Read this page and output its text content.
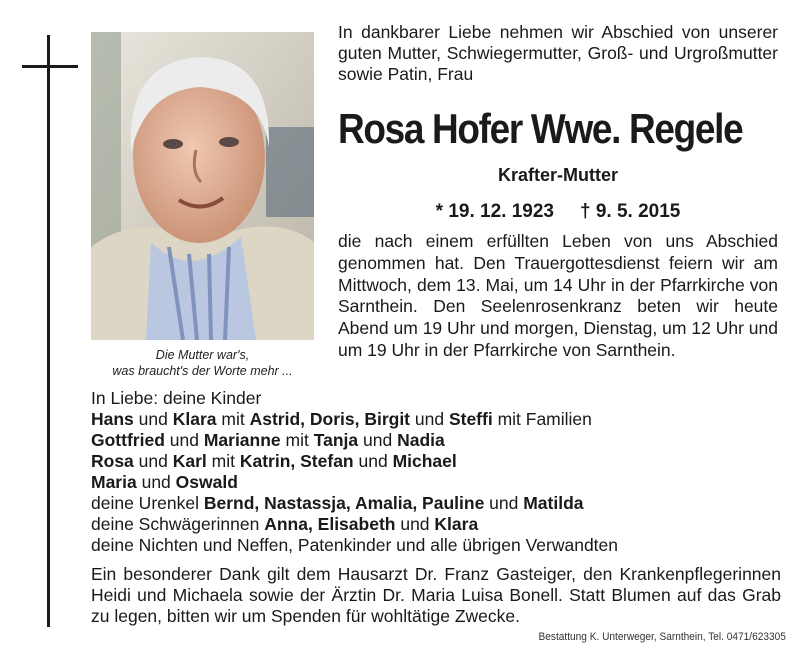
Die Mutter war's,
was braucht's der Worte mehr ...
In dankbarer Liebe nehmen wir Abschied von unserer guten Mutter, Schwiegermutter, Groß- und Urgroßmutter sowie Patin, Frau
Rosa Hofer Wwe. Regele
Krafter-Mutter
* 19. 12. 1923 † 9. 5. 2015
die nach einem erfüllten Leben von uns Abschied genommen hat. Den Trauergottesdienst feiern wir am Mittwoch, dem 13. Mai, um 14 Uhr in der Pfarrkirche von Sarnthein. Den Seelenrosenkranz beten wir heute Abend um 19 Uhr und morgen, Dienstag, um 12 Uhr und um 19 Uhr in der Pfarrkirche von Sarnthein.
In Liebe: deine Kinder
Hans und Klara mit Astrid, Doris, Birgit und Steffi mit Familien
Gottfried und Marianne mit Tanja und Nadia
Rosa und Karl mit Katrin, Stefan und Michael
Maria und Oswald
deine Urenkel Bernd, Nastassja, Amalia, Pauline und Matilda
deine Schwägerinnen Anna, Elisabeth und Klara
deine Nichten und Neffen, Patenkinder und alle übrigen Verwandten
Ein besonderer Dank gilt dem Hausarzt Dr. Franz Gasteiger, den Krankenpflegerinnen Heidi und Michaela sowie der Ärztin Dr. Maria Luisa Bonell. Statt Blumen auf das Grab zu legen, bitten wir um Spenden für wohltätige Zwecke.
Bestattung K. Unterweger, Sarnthein, Tel. 0471/623305
